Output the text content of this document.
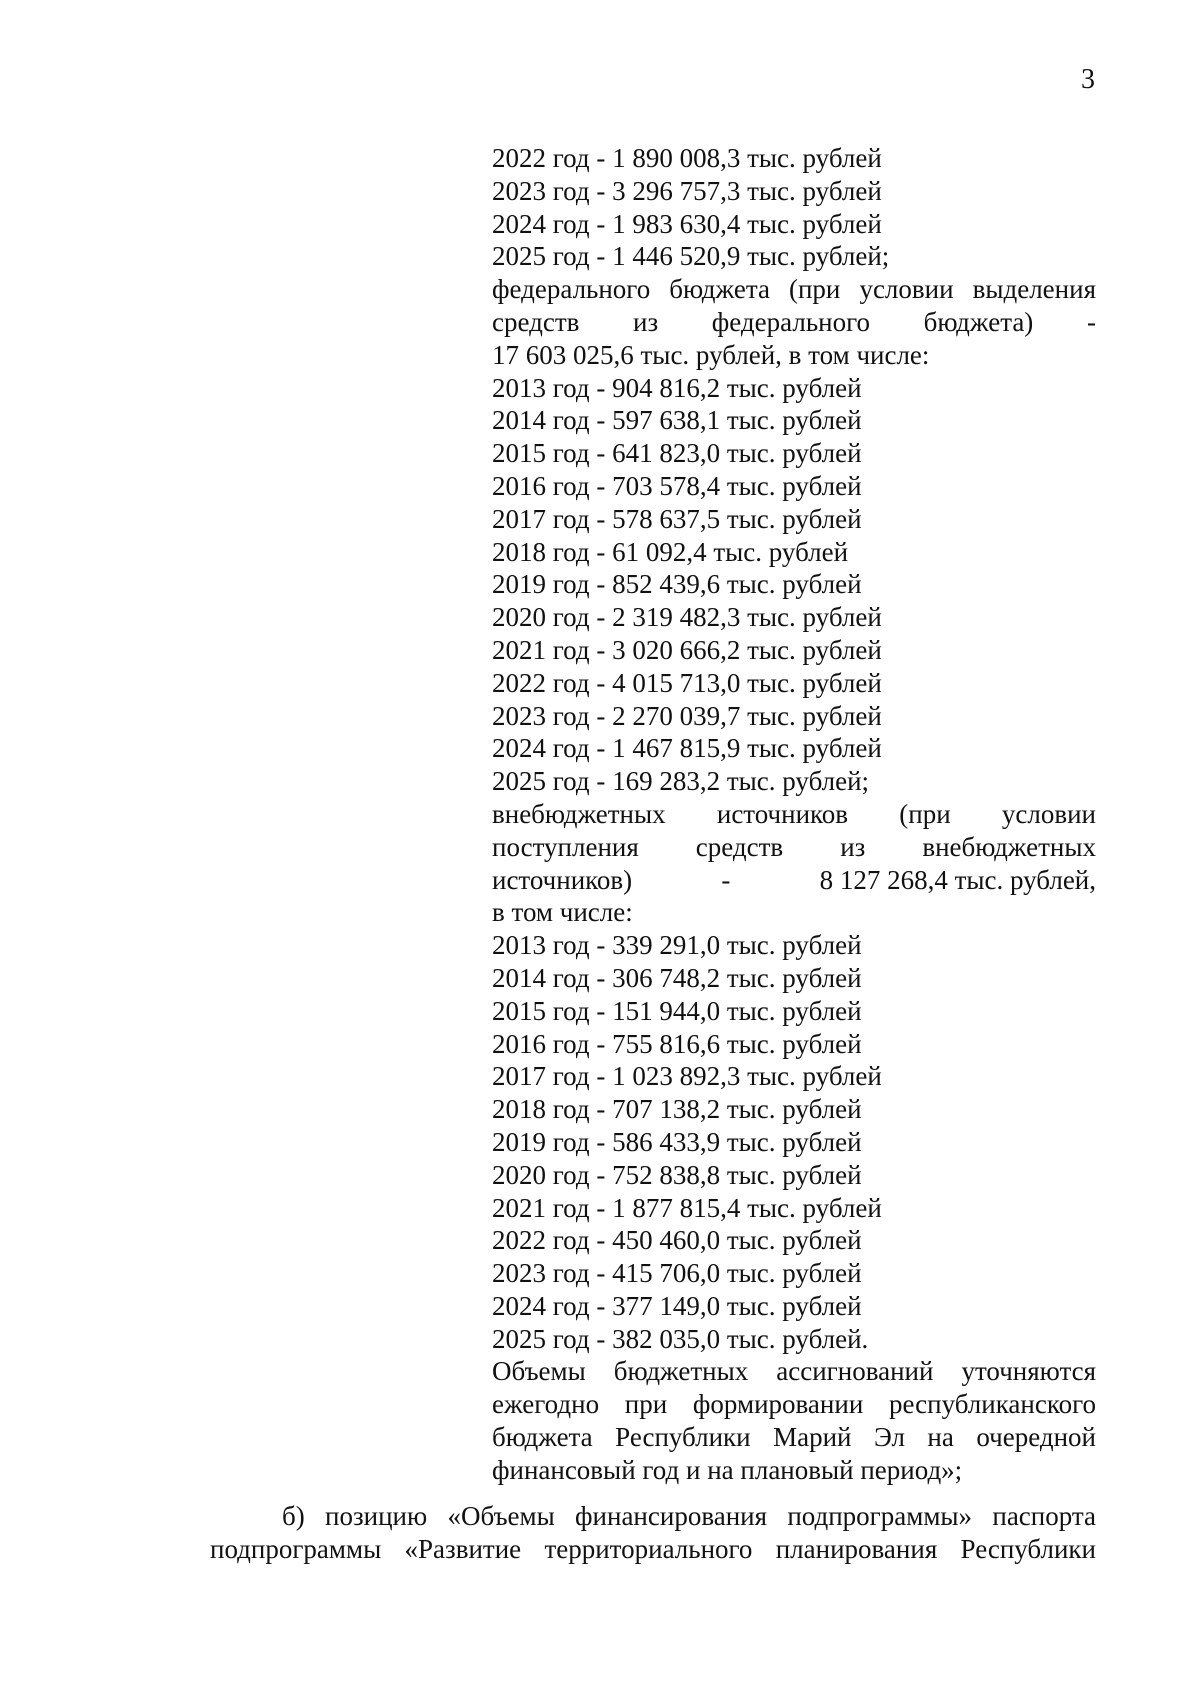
3
2022 год - 1 890 008,3 тыс. рублей
2023 год - 3 296 757,3 тыс. рублей
2024 год - 1 983 630,4 тыс. рублей
2025 год - 1 446 520,9 тыс. рублей;
федерального бюджета (при условии выделения
средств из федерального бюджета) -
17 603 025,6 тыс. рублей, в том числе:
2013 год - 904 816,2 тыс. рублей
2014 год - 597 638,1 тыс. рублей
2015 год - 641 823,0 тыс. рублей
2016 год - 703 578,4 тыс. рублей
2017 год - 578 637,5 тыс. рублей
2018 год - 61 092,4 тыс. рублей
2019 год - 852 439,6 тыс. рублей
2020 год - 2 319 482,3 тыс. рублей
2021 год - 3 020 666,2 тыс. рублей
2022 год - 4 015 713,0 тыс. рублей
2023 год - 2 270 039,7 тыс. рублей
2024 год - 1 467 815,9 тыс. рублей
2025 год - 169 283,2 тыс. рублей;
внебюджетных источников (при условии
поступления средств из внебюджетных
источников)	-	8 127 268,4 тыс. рублей,
в том числе:
2013 год - 339 291,0 тыс. рублей
2014 год - 306 748,2 тыс. рублей
2015 год - 151 944,0 тыс. рублей
2016 год - 755 816,6 тыс. рублей
2017 год - 1 023 892,3 тыс. рублей
2018 год - 707 138,2 тыс. рублей
2019 год - 586 433,9 тыс. рублей
2020 год - 752 838,8 тыс. рублей
2021 год - 1 877 815,4 тыс. рублей
2022 год - 450 460,0 тыс. рублей
2023 год - 415 706,0 тыс. рублей
2024 год - 377 149,0 тыс. рублей
2025 год - 382 035,0 тыс. рублей.
Объемы бюджетных ассигнований уточняются
ежегодно при формировании республиканского
бюджета Республики Марий Эл на очередной
финансовый год и на плановый период»;
б) позицию «Объемы финансирования подпрограммы» паспорта
подпрограммы «Развитие территориального планирования Республики
